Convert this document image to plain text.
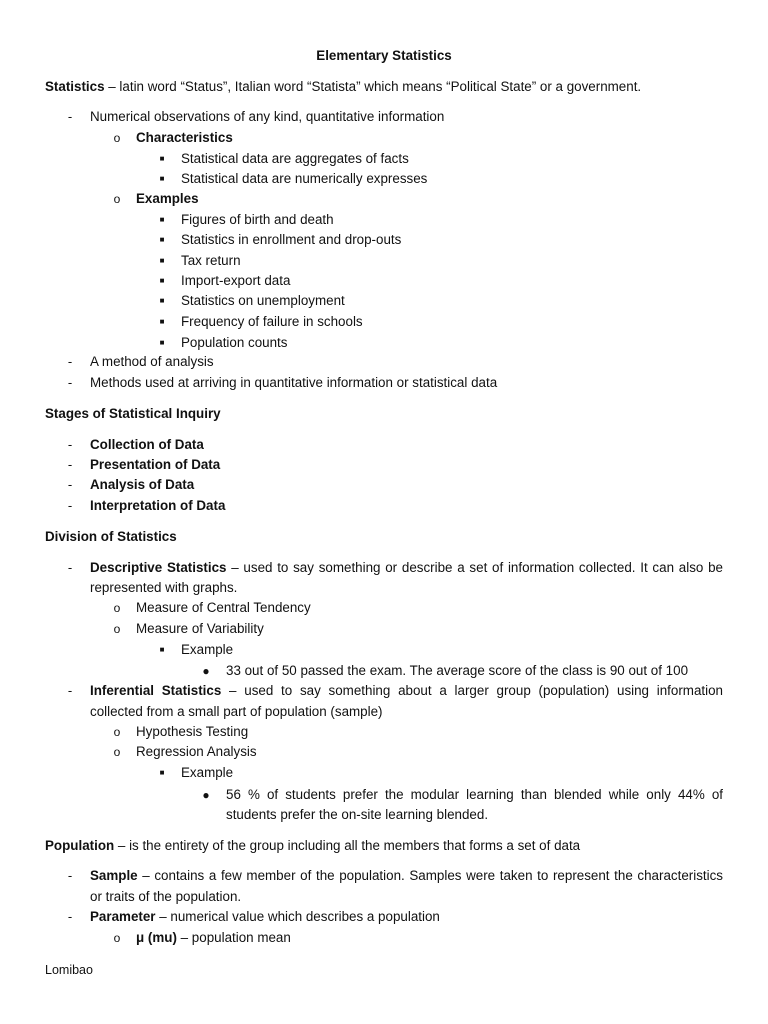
Elementary Statistics
Statistics – latin word “Status”, Italian word “Statista” which means “Political State” or a government.
- Numerical observations of any kind, quantitative information
o Characteristics
■ Statistical data are aggregates of facts
■ Statistical data are numerically expresses
o Examples
■ Figures of birth and death
■ Statistics in enrollment and drop-outs
■ Tax return
■ Import-export data
■ Statistics on unemployment
■ Frequency of failure in schools
■ Population counts
- A method of analysis
- Methods used at arriving in quantitative information or statistical data
Stages of Statistical Inquiry
- Collection of Data
- Presentation of Data
- Analysis of Data
- Interpretation of Data
Division of Statistics
- Descriptive Statistics – used to say something or describe a set of information collected. It can also be
represented with graphs.
o Measure of Central Tendency
o Measure of Variability
■ Example
● 33 out of 50 passed the exam. The average score of the class is 90 out of 100
- Inferential Statistics – used to say something about a larger group (population) using information
collected from a small part of population (sample)
o Hypothesis Testing
o Regression Analysis
■ Example
● 56 % of students prefer the modular learning than blended while only 44% of
students prefer the on-site learning blended.
Population – is the entirety of the group including all the members that forms a set of data
- Sample – contains a few member of the population. Samples were taken to represent the characteristics
or traits of the population.
- Parameter – numerical value which describes a population
o μ (mu) – population mean
Lomibao
